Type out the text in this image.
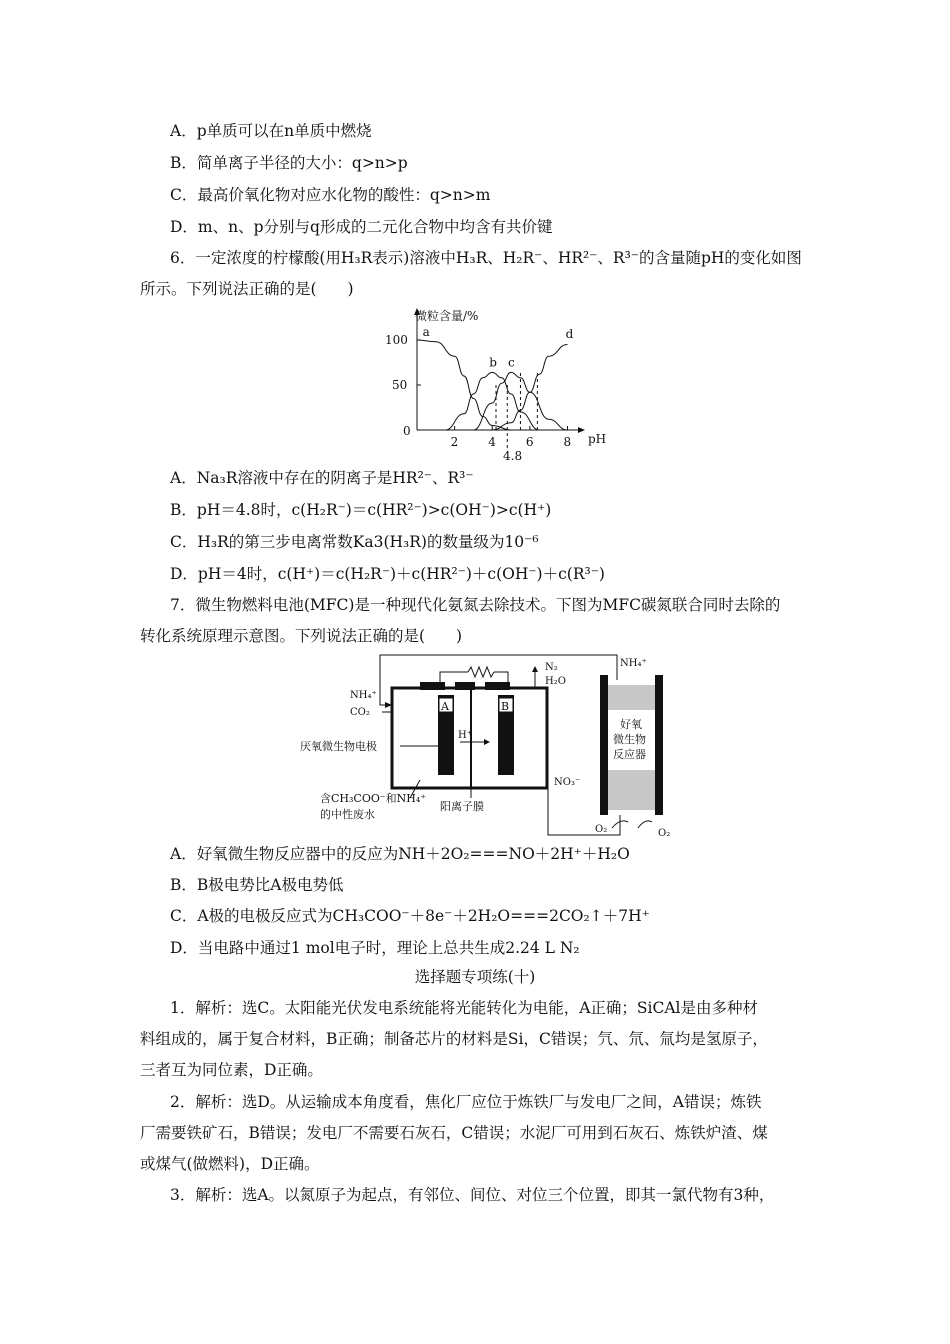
A．p单质可以在n单质中燃烧
B．简单离子半径的大小：q>n>p
C．最高价氧化物对应水化物的酸性：q>n>m
D．m、n、p分别与q形成的二元化合物中均含有共价键
6．一定浓度的柠檬酸(用H₃R表示)溶液中H₃R、H₂R⁻、HR²⁻、R³⁻的含量随pH的变化如图
所示。下列说法正确的是(　　)
2 4 6 8
50
100
a
b c
d
微粒含量/%
pH
0
4.8
A．Na₃R溶液中存在的阴离子是HR²⁻、R³⁻
B．pH＝4.8时，c(H₂R⁻)＝c(HR²⁻)>c(OH⁻)>c(H⁺)
C．H₃R的第三步电离常数Ka3(H₃R)的数量级为10⁻⁶
D．pH＝4时，c(H⁺)＝c(H₂R⁻)＋c(HR²⁻)＋c(OH⁻)＋c(R³⁻)
7．微生物燃料电池(MFC)是一种现代化氨氮去除技术。下图为MFC碳氮联合同时去除的
转化系统原理示意图。下列说法正确的是(　　)
A	B
H⁺
NH₄⁺
NH₄⁺
CO₂
N₂
H₂O
NO₃⁻
厌氧微生物电极
含CH₃COO⁻和NH₄⁺
的中性废水
阳离子膜
好氧
微生物
反应器
O₂	O₂
A．好氧微生物反应器中的反应为NH＋2O₂===NO＋2H⁺＋H₂O
B．B极电势比A极电势低
C．A极的电极反应式为CH₃COO⁻＋8e⁻＋2H₂O===2CO₂↑＋7H⁺
D．当电路中通过1 mol电子时，理论上总共生成2.24 L N₂
选择题专项练(十)
1．解析：选C。太阳能光伏发电系统能将光能转化为电能，A正确；SiCAl是由多种材
料组成的，属于复合材料，B正确；制备芯片的材料是Si，C错误；氕、氘、氚均是氢原子，
三者互为同位素，D正确。
2．解析：选D。从运输成本角度看，焦化厂应位于炼铁厂与发电厂之间，A错误；炼铁
厂需要铁矿石，B错误；发电厂不需要石灰石，C错误；水泥厂可用到石灰石、炼铁炉渣、煤
或煤气(做燃料)，D正确。
3．解析：选A。以氮原子为起点，有邻位、间位、对位三个位置，即其一氯代物有3种，
